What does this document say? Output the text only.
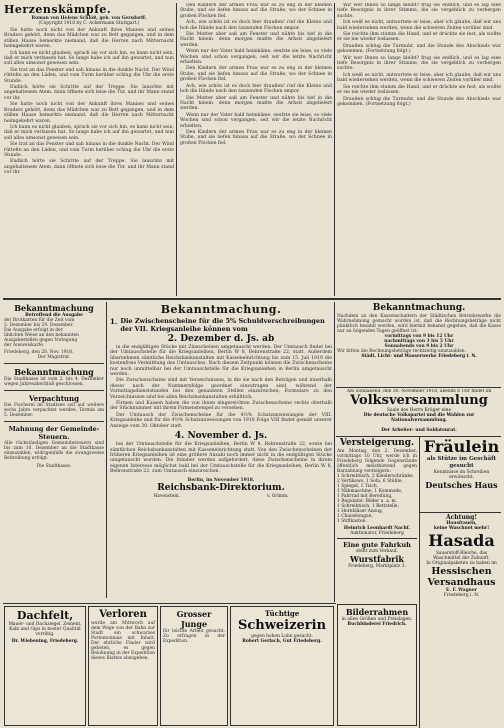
Herzenskämpfe.
Roman von Helene Schlöß, geb. von Gersdorff.
(Copyright 1918 by C. Ackermann-Stuttgart.)

Sie hatte noch nicht von der Ankunft ihres Mannes und seines Bruders gehört, denn das Mädchen war zu Bett gegangen, und in dem stillen Hause bemerkte niemand, daß die Herren nach Mitternacht heimgekehrt waren.

Ich kann es nicht glauben, sprach sie vor sich hin, es kann nicht sein, daß er mich verlassen hat. So lange habe ich auf ihn gewartet, und nun soll alles umsonst gewesen sein.

Sie trat an das Fenster und sah hinaus in die dunkle Nacht. Der Wind rüttelte an den Läden, und vom Turm herüber schlug die Uhr die erste Stunde.

Endlich hörte sie Schritte auf der Treppe. Sie lauschte mit angehaltenem Atem, dann öffnete sich leise die Tür, und ihr Mann stand vor ihr.

Sie hatte noch nicht von der Ankunft ihres Mannes und seines Bruders gehört, denn das Mädchen war zu Bett gegangen, und in dem stillen Hause bemerkte niemand, daß die Herren nach Mitternacht heimgekehrt waren.

Ich kann es nicht glauben, sprach sie vor sich hin, es kann nicht sein, daß er mich verlassen hat. So lange habe ich auf ihn gewartet, und nun soll alles umsonst gewesen sein.

Sie trat an das Fenster und sah hinaus in die dunkle Nacht. Der Wind rüttelte an den Läden, und vom Turm herüber schlug die Uhr die erste Stunde.

Endlich hörte sie Schritte auf der Treppe. Sie lauschte mit angehaltenem Atem, dann öffnete sich leise die Tür, und ihr Mann stand vor ihr.

Den Kindern der armen Frau war es zu eng in der kleinen Stube, und sie liefen hinaus auf die Straße, wo der Schnee in großen Flocken fiel.

Ach, wie schön ist es doch hier draußen! rief die Kleine und hob die Hände nach den tanzenden Flocken empor.

Die Mutter aber saß am Fenster und nähte bis tief in die Nacht hinein, denn morgen mußte die Arbeit abgeliefert werden.

Wenn nur der Vater bald heimkäme, seufzte sie leise, so viele Wochen sind schon vergangen, seit wir die letzte Nachricht erhielten.

Den Kindern der armen Frau war es zu eng in der kleinen Stube, und sie liefen hinaus auf die Straße, wo der Schnee in großen Flocken fiel.

Ach, wie schön ist es doch hier draußen! rief die Kleine und hob die Hände nach den tanzenden Flocken empor.

Die Mutter aber saß am Fenster und nähte bis tief in die Nacht hinein, denn morgen mußte die Arbeit abgeliefert werden.

Wenn nur der Vater bald heimkäme, seufzte sie leise, so viele Wochen sind schon vergangen, seit wir die letzte Nachricht erhielten.

Den Kindern der armen Frau war es zu eng in der kleinen Stube, und sie liefen hinaus auf die Straße, wo der Schnee in großen Flocken fiel.

Wir wer Ihnen so lange bleibt? frug sie endlich, und es lag eine tiefe Besorgnis in ihrer Stimme, die sie vergeblich zu verbergen suchte.

Ich weiß es nicht, antwortete er leise, aber ich glaube, daß wir uns bald wiedersehen werden, wenn die schweren Zeiten vorüber sind.

Sie reichte ihm stumm die Hand, und er drückte sie fest, als wollte er sie nie wieder loslassen.

Draußen schlug die Turmuhr, und die Stunde des Abschieds war gekommen. (Fortsetzung folgt.)

Wir wer Ihnen so lange bleibt? frug sie endlich, und es lag eine tiefe Besorgnis in ihrer Stimme, die sie vergeblich zu verbergen suchte.

Ich weiß es nicht, antwortete er leise, aber ich glaube, daß wir uns bald wiedersehen werden, wenn die schweren Zeiten vorüber sind.

Sie reichte ihm stumm die Hand, und er drückte sie fest, als wollte er sie nie wieder loslassen.

Draußen schlug die Turmuhr, und die Stunde des Abschieds war gekommen. (Fortsetzung folgt.)

Bekanntmachung
Betreffend die Ausgabe
der Brotkarten für die Zeit vom
2. Dezember bis 29. Dezember.
Die Ausgabe erfolgt in der
üblichen Weise an den bekannten
Ausgabestellen gegen Vorlegung
der Ausweiskarte.
Friedeberg, den 28. Nov. 1918.
Der Magistrat.
Bekanntmachung
Die Stadtkasse ist vom 2. bis 4. Dezember wegen Jahresabschluß geschlossen.
Verpachtung
Die Fischerei im Stadtsee soll auf weitere sechs Jahre verpachtet werden. Termin am 5. Dezember.
Mahnung der Gemeinde-Steuern.
Alle rückständigen Gemeindesteuern sind bis zum 10. Dezember an die Stadtkasse einzuzahlen, widrigenfalls die zwangsweise Beitreibung erfolgt.
Die Stadtkasse.
Bekanntmachung.
1. Die Zwischenscheine für die 5% Schuldverschreibungen der VII. Kriegsanleihe können vom
2. Dezember d. Js. ab

in die endgültigen Stücke mit Zinsscheinen umgetauscht werden. Der Umtausch findet bei der Umtauschstelle für die Kriegsanleihen, Berlin W 8, Behrenstraße 22, statt. Außerdem übernehmen sämtliche Reichsbankanstalten mit Kasseneinrichtung bis zum 15. Juli 1919 die kostenfreie Vermittlung des Umtausches. Nach diesem Zeitpunkt können die Zwischenscheine nur noch unmittelbar bei der Umtauschstelle für die Kriegsanleihen in Berlin umgetauscht werden.

Die Zwischenscheine sind mit Verzeichnissen, in die sie nach den Beträgen und innerhalb dieser nach der Nummernfolge geordnet einzutragen sind, während der Vormittagsdienststunden bei den genannten Stellen einzureichen; Formulare zu den Verzeichnissen sind bei allen Reichsbankanstalten erhältlich.

Firmen und Kassen haben die von ihnen eingereichten Zwischenscheine rechts oberhalb der Stücknummer mit ihrem Firmenstempel zu versehen.

Der Umtausch der Zwischenscheine für die 4½% Schatzanweisungen der VIII. Kriegsanleihe und für die 4½% Schatzanweisungen von 1918 Folge VIII findet gemäß unserer Anzeige vom 30. Oktober statt.

4. November d. Js.

bei der Umtauschstelle für die Kriegsanleihen, Berlin W 8, Behrenstraße 22, sowie bei sämtlichen Reichsbankanstalten mit Kasseneinrichtung statt. Von den Zwischenscheinen der früheren Kriegsanleihen ist eine größere Anzahl noch immer nicht in die endgültigen Stücke umgetauscht worden. Die Inhaber werden aufgefordert, diese Zwischenscheine in ihrem eigenen Interesse möglichst bald bei der Umtauschstelle für die Kriegsanleihen, Berlin W 8, Behrenstraße 22, zum Umtausch einzureichen.

Berlin, im November 1918.
Reichsbank-Direktorium.
Havenstein.	v. Grimm.
Bekanntmachung.
Nachdem an den Kassenschaltern der Städtischen Betriebswerke die Wahrnehmung gemacht worden ist, daß die Rechnungsbeträge nicht pünktlich bezahlt werden, wird hiermit bekannt gegeben, daß die Kasse nur an folgenden Tagen geöffnet ist:
vormittags von 9 bis 12 Uhr
nachmittags von 3 bis 5 Uhr
Sonnabends von 9 bis 2 Uhr
Wir bitten die Rechnungsbeträge rechtzeitig einzuzahlen.
Städt. Licht- und Wasserwerke Friedeberg i. N.
Am Sonnabend, den 30. November 1918, abends 8 Uhr findet im
Volksversammlung
Saale des Herrn Krüger eine
Die deutsche Volkspartei und die Wahlen zur Nationalversammlung.
Der Arbeiter- und Soldatenrat.
Versteigerung.
Am Montag, den 2. Dezember, vormittags 10 Uhr, werde ich in Friedeberg folgende Gegenstände öffentlich meistbietend gegen Barzahlung versteigern:
1 Schreibtisch, 2 Kleiderschränke,
2 Vertikows, 1 Sofa, 6 Stühle,
1 Spiegel, 1 Tisch,
1 Nähmaschine, 1 Kommode,
1 Fahrrad mit Bereifung,
1 Regulator, Bilder u. a. m.
1 Schreibtisch, 1 Bettstelle,
1 Hornbläser Anzug,
1 Chaiselongue,
1 Stiftkasten.
Heinrich Leonhardt Nachf.
Auktionator, Friedeberg
Eine gute Fahrkuh
steht zum Verkauf.
Wurstfabrik
Friedeberg, Marktplatz 3.
Fräulein
als Stütze im Geschäft gesucht
Kenntnisse im Schreiben erwünscht.
Deutsches Haus
Achtung!
Hausfrauen,
keine Waschnot mehr!
Hasada
Sauerstoff-Bleiche, das Waschmittel der Zukunft.
In Originalpaketen zu haben im
Hessischen Versandhaus
E. F. Wagner
Friedeberg i. N.
Dachfelt,
Mauer- und Dachziegel, Zement, Kalk und Gips in bester Qualität vorrätig.
Dr. Wiebening, Friedeberg.
Verloren
wurde am Mittwoch auf dem Wege von der Bahn zur Stadt ein schwarzes Portemonnaie mit Inhalt. Der ehrliche Finder wird gebeten, es gegen Belohnung in der Expedition dieses Blattes abzugeben.
Grosser Junge
für leichte Arbeit gesucht. Zu erfragen in der Expedition.
Tüchtige
Schweizerin
gegen hohen Lohn gesucht.
Robert Gerlach, Gut Friedeberg.
Bilderrahmen
in allen Größen und Preislagen.
Buchbinderei Friedrich.
